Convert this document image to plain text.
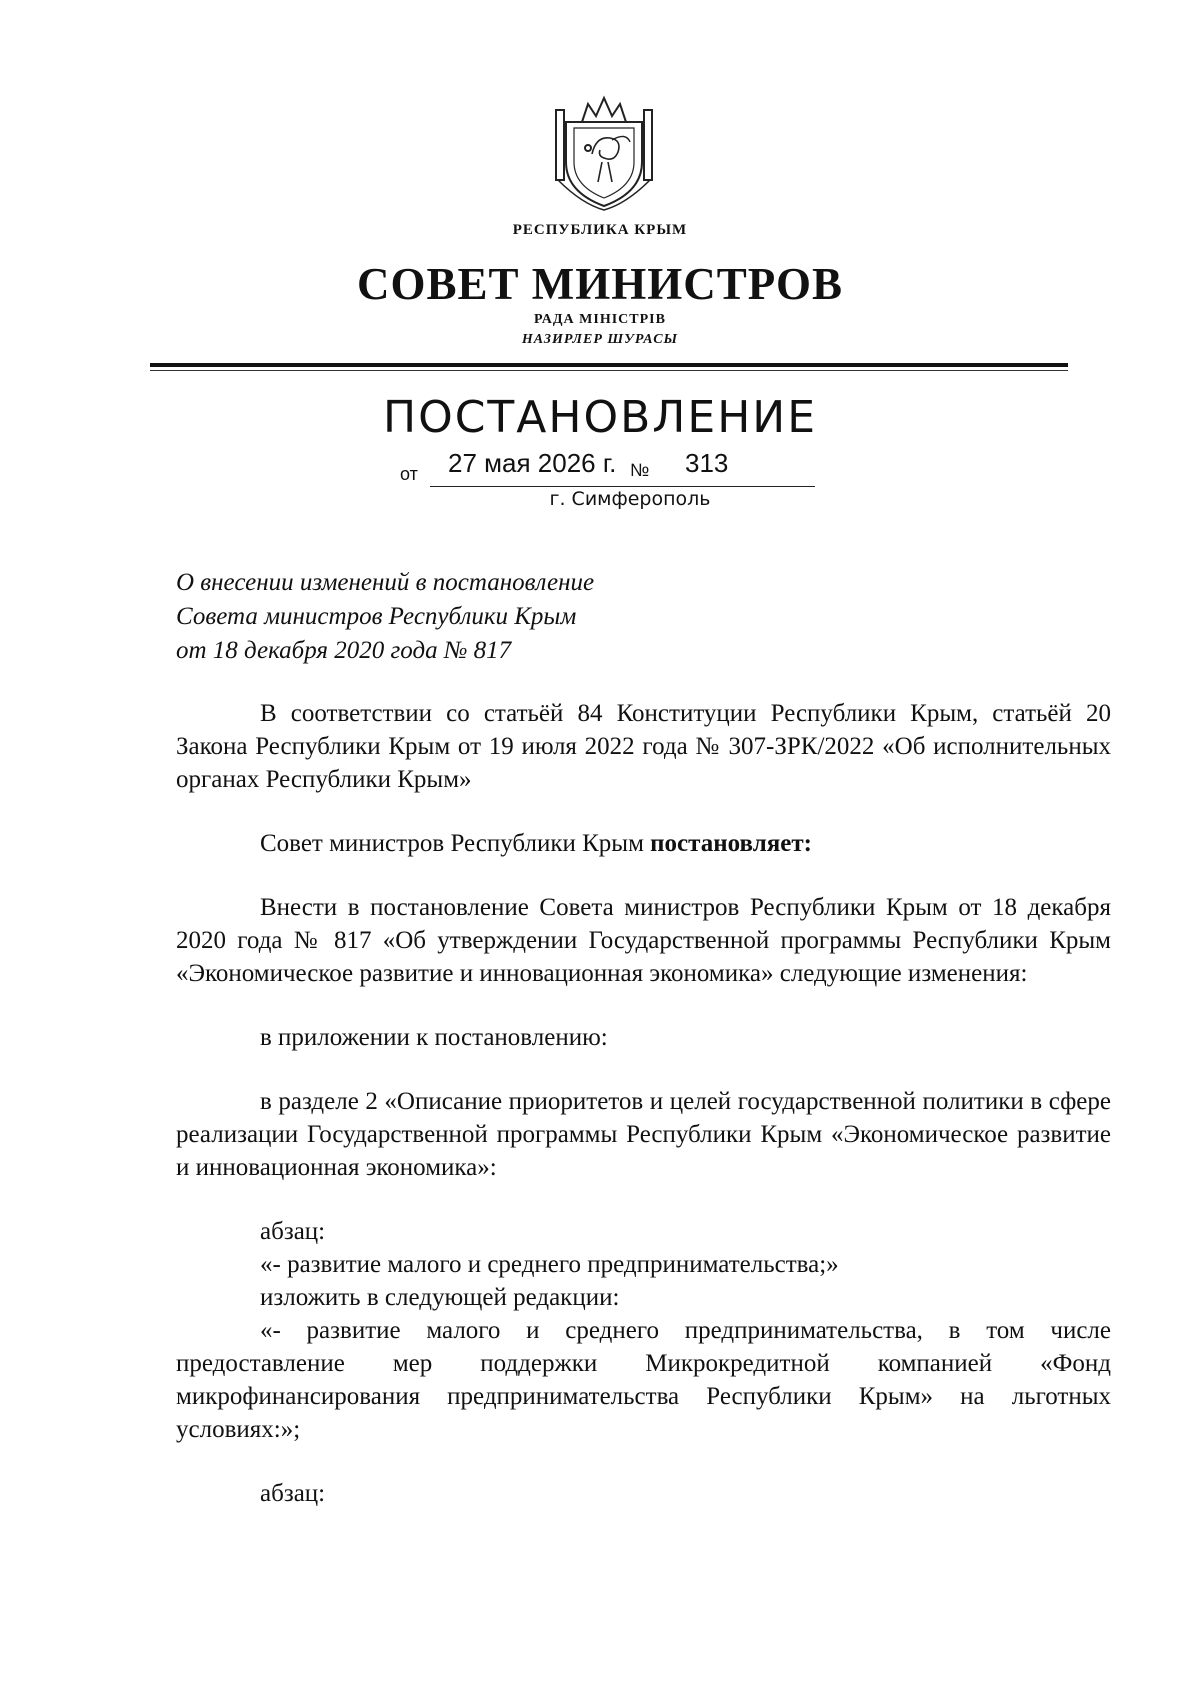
РЕСПУБЛИКА КРЫМ
СОВЕТ МИНИСТРОВ
РАДА МІНІСТРІВ
НАЗИРЛЕР ШУРАСЫ
ПОСТАНОВЛЕНИЕ
от 27 мая 2026 г. № 313
г. Симферополь
О внесении изменений в постановление
Совета министров Республики Крым
от 18 декабря 2020 года № 817

В соответствии со статьёй 84 Конституции Республики Крым, статьёй 20 Закона Республики Крым от 19 июля 2022 года № 307-ЗРК/2022 «Об исполнительных органах Республики Крым»

Совет министров Республики Крым постановляет:

Внести в постановление Совета министров Республики Крым от 18 декабря 2020 года № 817 «Об утверждении Государственной программы Республики Крым «Экономическое развитие и инновационная экономика» следующие изменения:

в приложении к постановлению:

в разделе 2 «Описание приоритетов и целей государственной политики в сфере реализации Государственной программы Республики Крым «Экономическое развитие и инновационная экономика»:

абзац:

«- развитие малого и среднего предпринимательства;»

изложить в следующей редакции:

«- развитие малого и среднего предпринимательства, в том числе предоставление мер поддержки Микрокредитной компанией «Фонд микрофинансирования предпринимательства Республики Крым» на льготных условиях:»;

абзац:
